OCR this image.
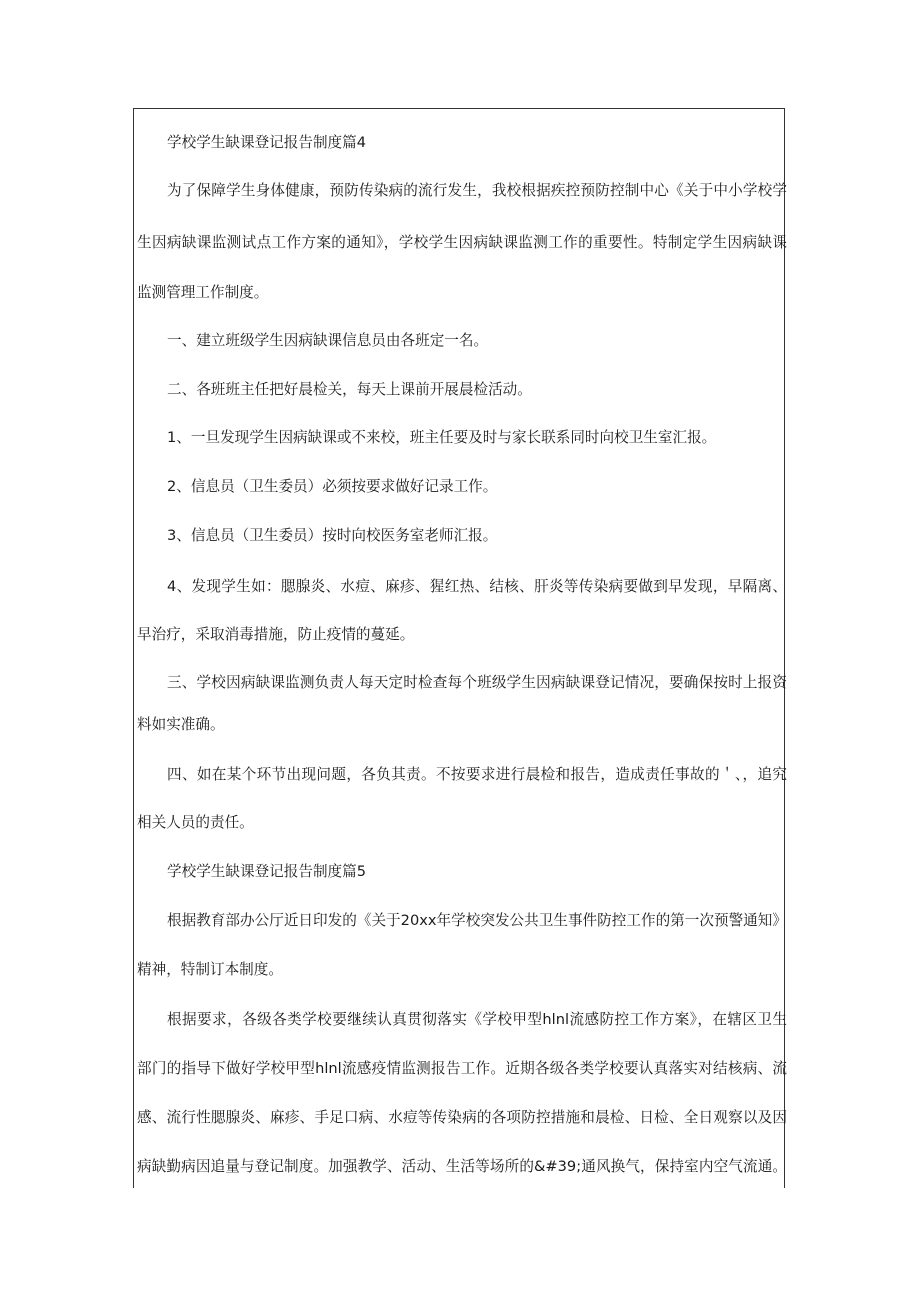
学校学生缺课登记报告制度篇4
为了保障学生身体健康，预防传染病的流行发生，我校根据疾控预防控制中心《关于中小学校学
生因病缺课监测试点工作方案的通知》，学校学生因病缺课监测工作的重要性。特制定学生因病缺课
监测管理工作制度。
一、建立班级学生因病缺课信息员由各班定一名。
二、各班班主任把好晨检关，每天上课前开展晨检活动。
1、一旦发现学生因病缺课或不来校，班主任要及时与家长联系同时向校卫生室汇报。
2、信息员（卫生委员）必须按要求做好记录工作。
3、信息员（卫生委员）按时向校医务室老师汇报。
4、发现学生如：腮腺炎、水痘、麻疹、猩红热、结核、肝炎等传染病要做到早发现，早隔离、
早治疗，采取消毒措施，防止疫情的蔓延。
三、学校因病缺课监测负责人每天定时检查每个班级学生因病缺课登记情况，要确保按时上报资
料如实准确。
四、如在某个环节出现问题，各负其责。不按要求进行晨检和报告，造成责任事故的＇、，追究
相关人员的责任。
学校学生缺课登记报告制度篇5
根据教育部办公厅近日印发的《关于20xx年学校突发公共卫生事件防控工作的第一次预警通知》
精神，特制订本制度。
根据要求，各级各类学校要继续认真贯彻落实《学校甲型hlnl流感防控工作方案》，在辖区卫生
部门的指导下做好学校甲型hlnl流感疫情监测报告工作。近期各级各类学校要认真落实对结核病、流
感、流行性腮腺炎、麻疹、手足口病、水痘等传染病的各项防控措施和晨检、日检、全日观察以及因
病缺勤病因追量与登记制度。加强教学、活动、生活等场所的&#39;通风换气，保持室内空气流通。
